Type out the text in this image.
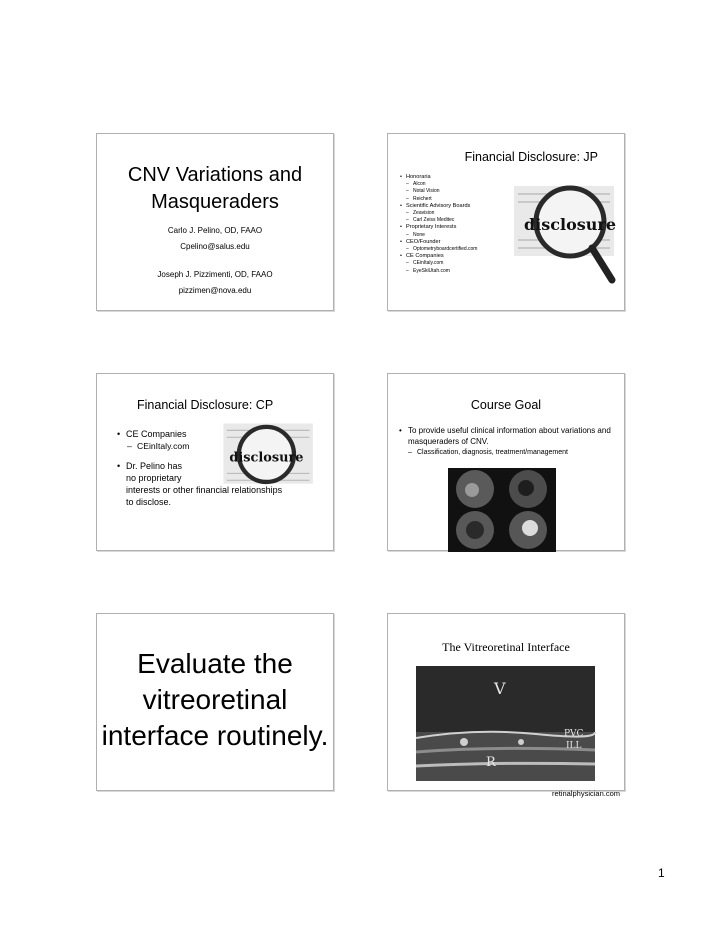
CNV Variations and
Masqueraders
Carlo J. Pelino, OD, FAAO
Cpelino@salus.edu
Joseph J. Pizzimenti, OD, FAAO
pizzimen@nova.edu
Financial Disclosure: JP
• Honoraria
– Alcon
– Notal Vision
– Reichert
• Scientific Advisory Boards
– Zeavision
– Carl Zeiss Meditec
• Proprietary Interests
– None
• CEO/Founder
– Optometryboardcertified.com
• CE Companies
– CEinItaly.com
– EyeSkiUtah.com
disclosure
Financial Disclosure: CP
• CE Companies
– CEinItaly.com
• Dr. Pelino has
no proprietary
interests or other financial relationships
to disclose.
disclosure
Course Goal
• To provide useful clinical information about variations and masqueraders of CNV.
– Classification, diagnosis, treatment/management
Evaluate the
vitreoretinal
interface routinely.
The Vitreoretinal Interface
V
PVC
ILL
R
retinalphysician.com
1
